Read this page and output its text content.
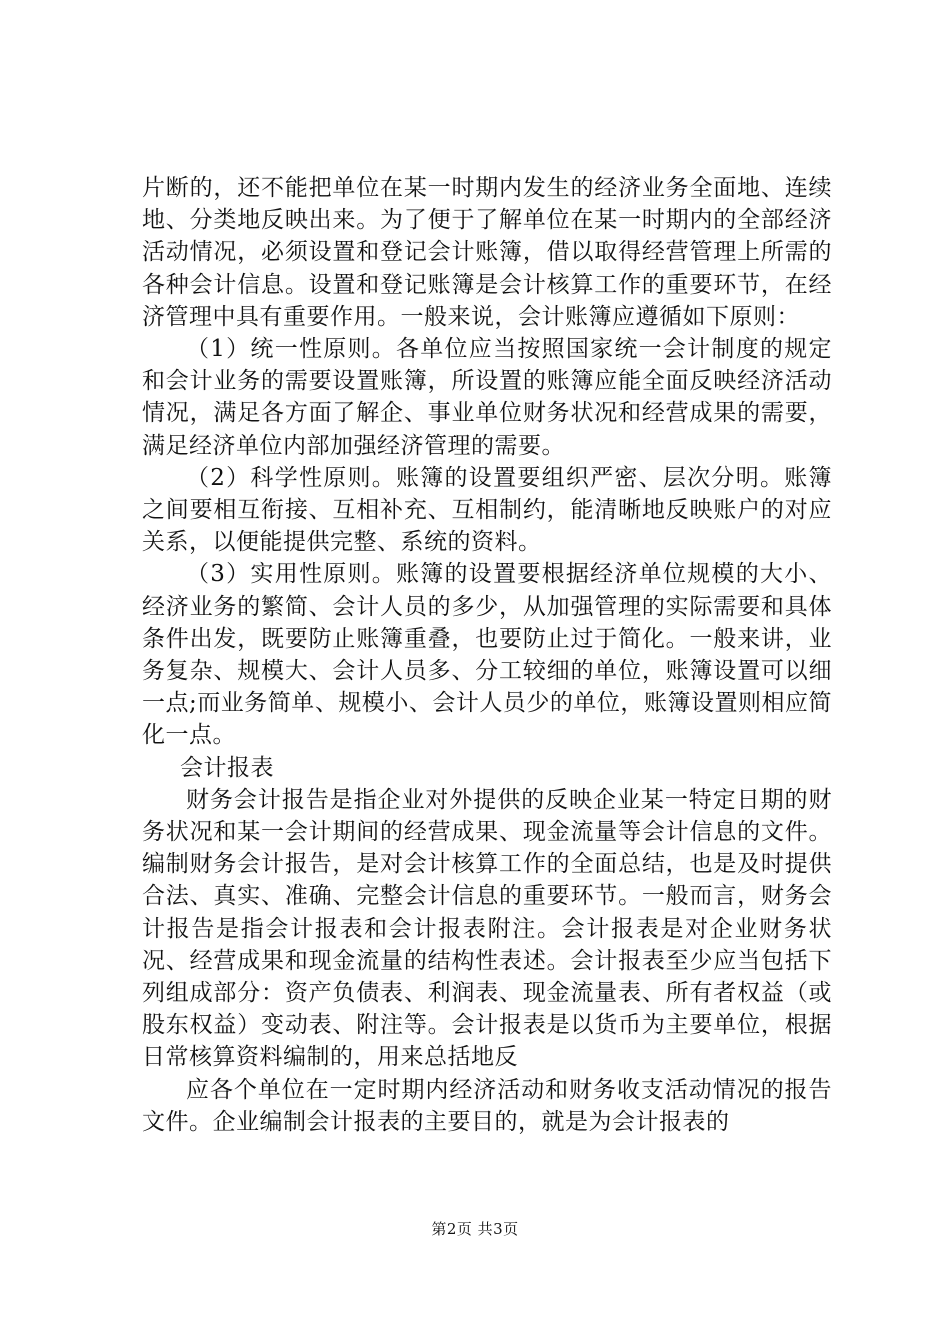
片断的，还不能把单位在某一时期内发生的经济业务全面地、连续地、分类地反映出来。为了便于了解单位在某一时期内的全部经济活动情况，必须设置和登记会计账簿，借以取得经营管理上所需的各种会计信息。设置和登记账簿是会计核算工作的重要环节，在经济管理中具有重要作用。一般来说，会计账簿应遵循如下原则：

（1）统一性原则。各单位应当按照国家统一会计制度的规定和会计业务的需要设置账簿，所设置的账簿应能全面反映经济活动情况，满足各方面了解企、事业单位财务状况和经营成果的需要，满足经济单位内部加强经济管理的需要。

（2）科学性原则。账簿的设置要组织严密、层次分明。账簿之间要相互衔接、互相补充、互相制约，能清晰地反映账户的对应关系，以便能提供完整、系统的资料。

（3）实用性原则。账簿的设置要根据经济单位规模的大小、经济业务的繁简、会计人员的多少，从加强管理的实际需要和具体条件出发，既要防止账簿重叠，也要防止过于简化。一般来讲，业务复杂、规模大、会计人员多、分工较细的单位，账簿设置可以细一点;而业务简单、规模小、会计人员少的单位，账簿设置则相应简化一点。

会计报表

财务会计报告是指企业对外提供的反映企业某一特定日期的财务状况和某一会计期间的经营成果、现金流量等会计信息的文件。编制财务会计报告，是对会计核算工作的全面总结，也是及时提供合法、真实、准确、完整会计信息的重要环节。一般而言，财务会计报告是指会计报表和会计报表附注。会计报表是对企业财务状况、经营成果和现金流量的结构性表述。会计报表至少应当包括下列组成部分：资产负债表、利润表、现金流量表、所有者权益（或股东权益）变动表、附注等。会计报表是以货币为主要单位，根据日常核算资料编制的，用来总括地反

应各个单位在一定时期内经济活动和财务收支活动情况的报告文件。企业编制会计报表的主要目的，就是为会计报表的

第2页 共3页
